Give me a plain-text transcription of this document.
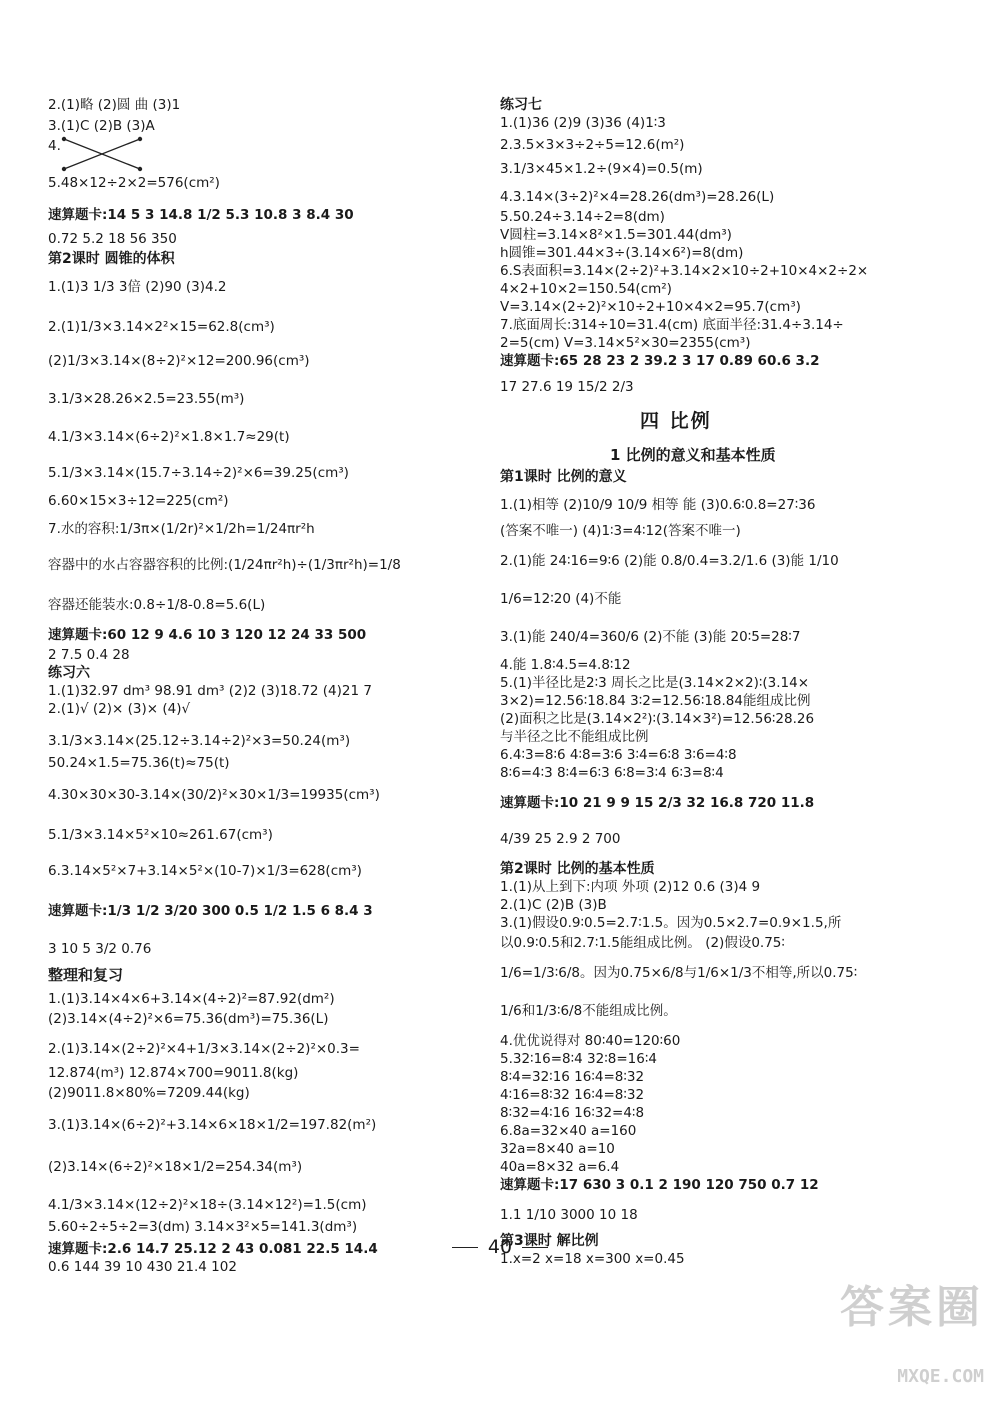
2.(1)略 (2)圆 曲 (3)1
3.(1)C (2)B (3)A
4.
5.48×12÷2×2=576(cm²)
速算题卡:14 5 3 14.8 1/2 5.3 10.8 3 8.4 30
0.72 5.2 18 56 350
第2课时 圆锥的体积
1.(1)3 1/3 3倍 (2)90 (3)4.2
2.(1)1/3×3.14×2²×15=62.8(cm³)
(2)1/3×3.14×(8÷2)²×12=200.96(cm³)
3.1/3×28.26×2.5=23.55(m³)
4.1/3×3.14×(6÷2)²×1.8×1.7≈29(t)
5.1/3×3.14×(15.7÷3.14÷2)²×6=39.25(cm³)
6.60×15×3÷12=225(cm²)
7.水的容积:1/3π×(1/2r)²×1/2h=1/24πr²h
容器中的水占容器容积的比例:(1/24πr²h)÷(1/3πr²h)=1/8
容器还能装水:0.8÷1/8-0.8=5.6(L)
速算题卡:60 12 9 4.6 10 3 120 12 24 33 500
2 7.5 0.4 28
练习六
1.(1)32.97 dm³ 98.91 dm³ (2)2 (3)18.72 (4)21 7
2.(1)√ (2)× (3)× (4)√
3.1/3×3.14×(25.12÷3.14÷2)²×3=50.24(m³)
50.24×1.5=75.36(t)≈75(t)
4.30×30×30-3.14×(30/2)²×30×1/3=19935(cm³)
5.1/3×3.14×5²×10≈261.67(cm³)
6.3.14×5²×7+3.14×5²×(10-7)×1/3=628(cm³)
速算题卡:1/3 1/2 3/20 300 0.5 1/2 1.5 6 8.4 3
3 10 5 3/2 0.76
整理和复习
1.(1)3.14×4×6+3.14×(4÷2)²=87.92(dm²)
(2)3.14×(4÷2)²×6=75.36(dm³)=75.36(L)
2.(1)3.14×(2÷2)²×4+1/3×3.14×(2÷2)²×0.3=
12.874(m³) 12.874×700=9011.8(kg)
(2)9011.8×80%=7209.44(kg)
3.(1)3.14×(6÷2)²+3.14×6×18×1/2=197.82(m²)
(2)3.14×(6÷2)²×18×1/2=254.34(m³)
4.1/3×3.14×(12÷2)²×18÷(3.14×12²)=1.5(cm)
5.60÷2÷5÷2=3(dm) 3.14×3²×5=141.3(dm³)
速算题卡:2.6 14.7 25.12 2 43 0.081 22.5 14.4
0.6 144 39 10 430 21.4 102
练习七
1.(1)36 (2)9 (3)36 (4)1∶3
2.3.5×3×3÷2÷5=12.6(m²)
3.1/3×45×1.2÷(9×4)=0.5(m)
4.3.14×(3÷2)²×4=28.26(dm³)=28.26(L)
5.50.24÷3.14÷2=8(dm)
V圆柱=3.14×8²×1.5=301.44(dm³)
h圆锥=301.44×3÷(3.14×6²)=8(dm)
6.S表面积=3.14×(2÷2)²+3.14×2×10÷2+10×4×2÷2×
4×2+10×2=150.54(cm²)
V=3.14×(2÷2)²×10÷2+10×4×2=95.7(cm³)
7.底面周长:314÷10=31.4(cm) 底面半径:31.4÷3.14÷
2=5(cm) V=3.14×5²×30=2355(cm³)
速算题卡:65 28 23 2 39.2 3 17 0.89 60.6 3.2
17 27.6 19 15/2 2/3
四 比例
1 比例的意义和基本性质
第1课时 比例的意义
1.(1)相等 (2)10/9 10/9 相等 能 (3)0.6∶0.8=27∶36
(答案不唯一) (4)1∶3=4∶12(答案不唯一)
2.(1)能 24∶16=9∶6 (2)能 0.8/0.4=3.2/1.6 (3)能 1/10
1/6=12∶20 (4)不能
3.(1)能 240/4=360/6 (2)不能 (3)能 20∶5=28∶7
4.能 1.8∶4.5=4.8∶12
5.(1)半径比是2∶3 周长之比是(3.14×2×2)∶(3.14×
3×2)=12.56∶18.84 3∶2=12.56∶18.84能组成比例
(2)面积之比是(3.14×2²)∶(3.14×3²)=12.56∶28.26
与半径之比不能组成比例
6.4∶3=8∶6 4∶8=3∶6 3∶4=6∶8 3∶6=4∶8
8∶6=4∶3 8∶4=6∶3 6∶8=3∶4 6∶3=8∶4
速算题卡:10 21 9 9 15 2/3 32 16.8 720 11.8
4/39 25 2.9 2 700
第2课时 比例的基本性质
1.(1)从上到下:内项 外项 (2)12 0.6 (3)4 9
2.(1)C (2)B (3)B
3.(1)假设0.9∶0.5=2.7∶1.5。因为0.5×2.7=0.9×1.5,所
以0.9∶0.5和2.7∶1.5能组成比例。 (2)假设0.75∶
1/6=1/3∶6/8。因为0.75×6/8与1/6×1/3不相等,所以0.75∶
1/6和1/3∶6/8不能组成比例。
4.优优说得对 80∶40=120∶60
5.32∶16=8∶4 32∶8=16∶4
8∶4=32∶16 16∶4=8∶32
4∶16=8∶32 16∶4=8∶32
8∶32=4∶16 16∶32=4∶8
6.8a=32×40 a=160
32a=8×40 a=10
40a=8×32 a=6.4
速算题卡:17 630 3 0.1 2 190 120 750 0.7 12
1.1 1/10 3000 10 18
第3课时 解比例
1.x=2 x=18 x=300 x=0.45
40
答案圈
MXQE.COM
